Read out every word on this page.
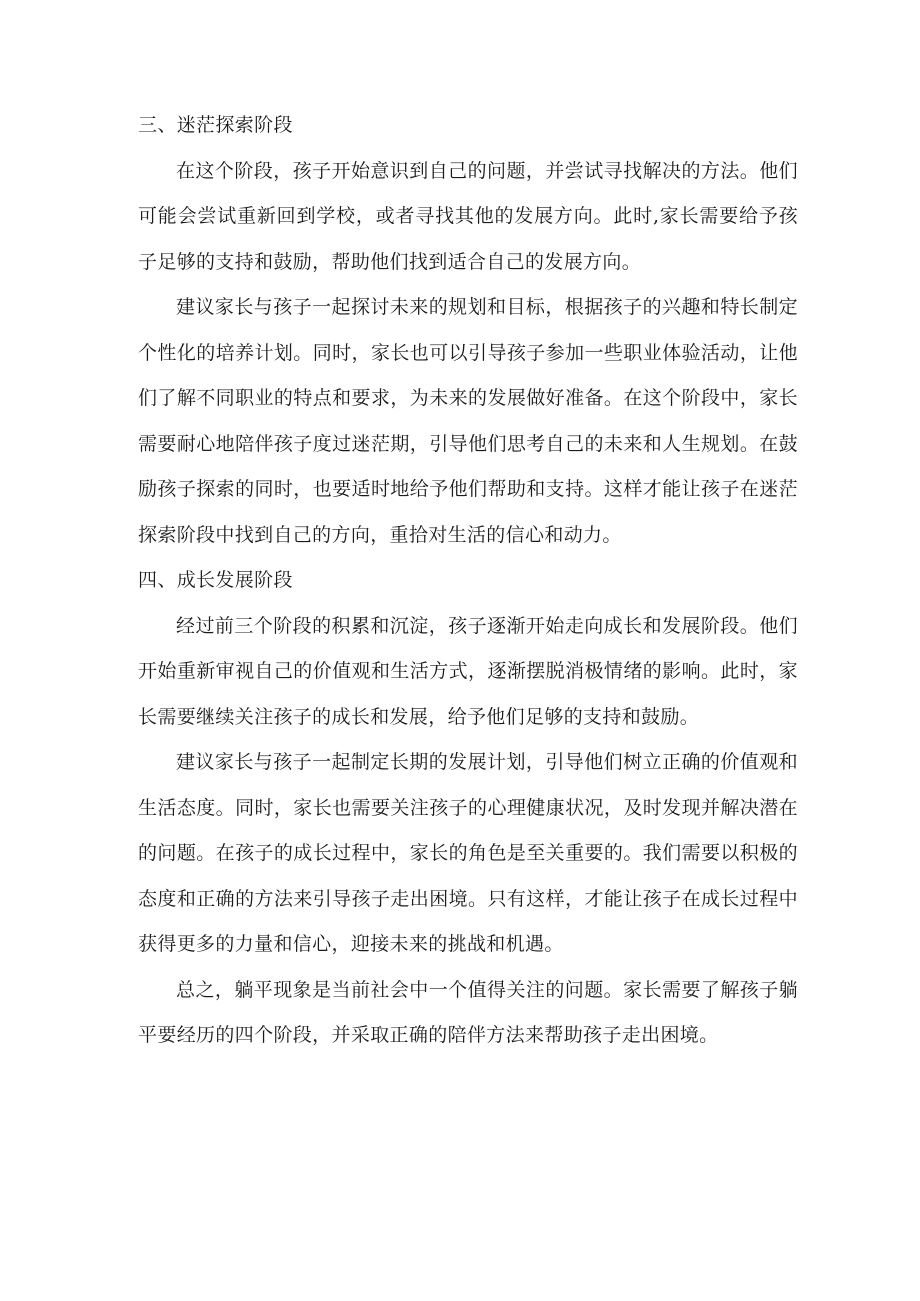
三、迷茫探索阶段

在这个阶段，孩子开始意识到自己的问题，并尝试寻找解决的方法。他们可能会尝试重新回到学校，或者寻找其他的发展方向。此时,家长需要给予孩子足够的支持和鼓励，帮助他们找到适合自己的发展方向。

建议家长与孩子一起探讨未来的规划和目标，根据孩子的兴趣和特长制定个性化的培养计划。同时，家长也可以引导孩子参加一些职业体验活动，让他们了解不同职业的特点和要求，为未来的发展做好准备。在这个阶段中，家长需要耐心地陪伴孩子度过迷茫期，引导他们思考自己的未来和人生规划。在鼓励孩子探索的同时，也要适时地给予他们帮助和支持。这样才能让孩子在迷茫探索阶段中找到自己的方向，重拾对生活的信心和动力。

四、成长发展阶段

经过前三个阶段的积累和沉淀，孩子逐渐开始走向成长和发展阶段。他们开始重新审视自己的价值观和生活方式，逐渐摆脱消极情绪的影响。此时，家长需要继续关注孩子的成长和发展，给予他们足够的支持和鼓励。

建议家长与孩子一起制定长期的发展计划，引导他们树立正确的价值观和生活态度。同时，家长也需要关注孩子的心理健康状况，及时发现并解决潜在的问题。在孩子的成长过程中，家长的角色是至关重要的。我们需要以积极的态度和正确的方法来引导孩子走出困境。只有这样，才能让孩子在成长过程中获得更多的力量和信心，迎接未来的挑战和机遇。

总之，躺平现象是当前社会中一个值得关注的问题。家长需要了解孩子躺平要经历的四个阶段，并采取正确的陪伴方法来帮助孩子走出困境。
